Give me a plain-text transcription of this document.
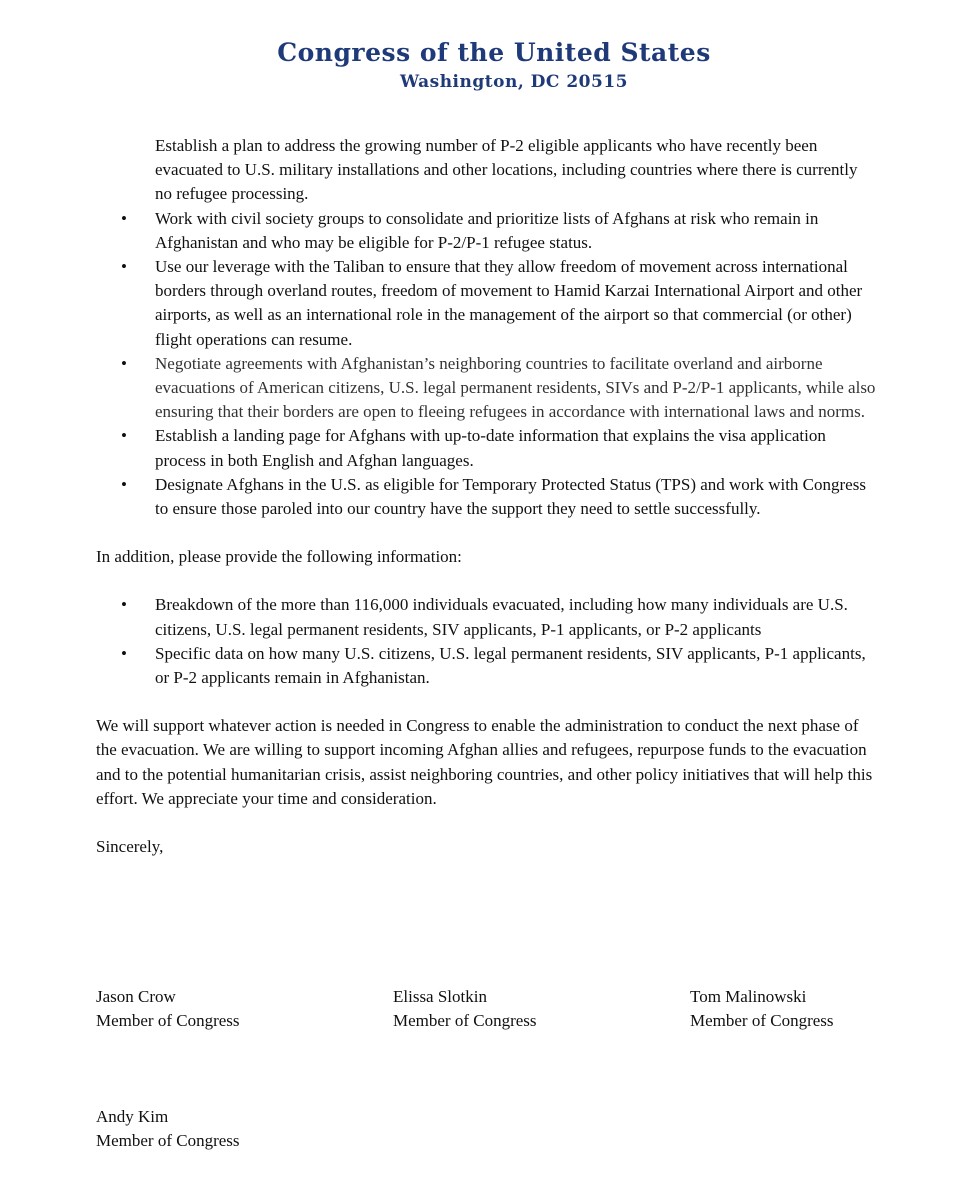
Congress of the United States
Washington, DC 20515

Establish a plan to address the growing number of P-2 eligible applicants who have recently been evacuated to U.S. military installations and other locations, including countries where there is currently no refugee processing.

• Work with civil society groups to consolidate and prioritize lists of Afghans at risk who remain in Afghanistan and who may be eligible for P-2/P-1 refugee status.
• Use our leverage with the Taliban to ensure that they allow freedom of movement across international borders through overland routes, freedom of movement to Hamid Karzai International Airport and other airports, as well as an international role in the management of the airport so that commercial (or other) flight operations can resume.
• Negotiate agreements with Afghanistan’s neighboring countries to facilitate overland and airborne evacuations of American citizens, U.S. legal permanent residents, SIVs and P-2/P-1 applicants, while also ensuring that their borders are open to fleeing refugees in accordance with international laws and norms.
• Establish a landing page for Afghans with up-to-date information that explains the visa application process in both English and Afghan languages.
• Designate Afghans in the U.S. as eligible for Temporary Protected Status (TPS) and work with Congress to ensure those paroled into our country have the support they need to settle successfully.

In addition, please provide the following information:

• Breakdown of the more than 116,000 individuals evacuated, including how many individuals are U.S. citizens, U.S. legal permanent residents, SIV applicants, P-1 applicants, or P-2 applicants
• Specific data on how many U.S. citizens, U.S. legal permanent residents, SIV applicants, P-1 applicants, or P-2 applicants remain in Afghanistan.

We will support whatever action is needed in Congress to enable the administration to conduct the next phase of the evacuation. We are willing to support incoming Afghan allies and refugees, repurpose funds to the evacuation and to the potential humanitarian crisis, assist neighboring countries, and other policy initiatives that will help this effort. We appreciate your time and consideration.

Sincerely,

Jason Crow
Member of Congress
Elissa Slotkin
Member of Congress
Tom Malinowski
Member of Congress
Andy Kim
Member of Congress
